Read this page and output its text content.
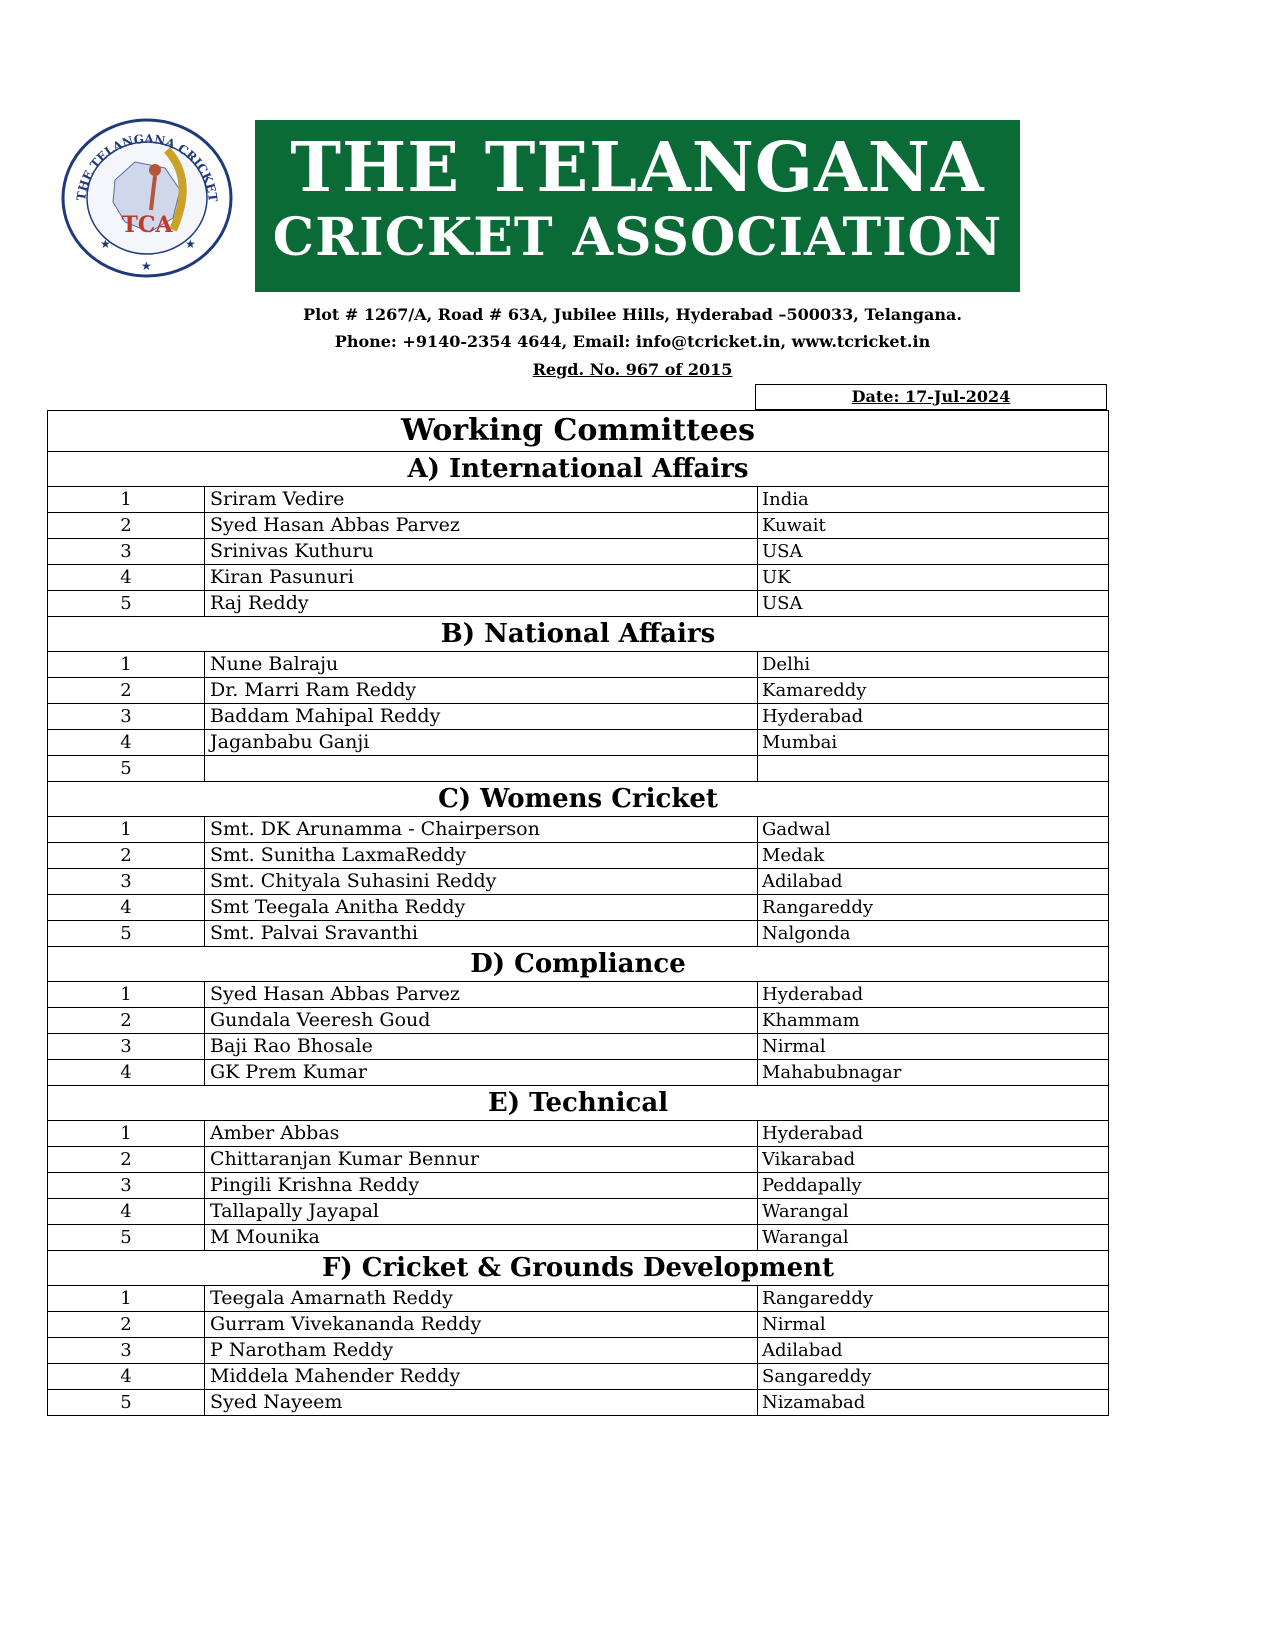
THE TELANGANA CRICKET
TCA
★
★
★
THE TELANGANA
CRICKET ASSOCIATION
Plot # 1267/A, Road # 63A, Jubilee Hills, Hyderabad –5000​33, Telangana.
Phone: +9140-2354 4644, Email: info@tcricket.in, www.tcricket.in
Regd. No. 967 of 2015
Date: 17-Jul-2024
Working Committees		
A) International Affairs		
1	Sriram Vedire	India
2	Syed Hasan Abbas Parvez	Kuwait
3	Srinivas Kuthuru	USA
4	Kiran Pasunuri	UK
5	Raj Reddy	USA
B) National Affairs		
1	Nune Balraju	Delhi
2	Dr. Marri Ram Reddy	Kamareddy
3	Baddam Mahipal Reddy	Hyderabad
4	Jaganbabu Ganji	Mumbai
5		
C) Womens Cricket		
1	Smt. DK Arunamma - Chairperson	Gadwal
2	Smt. Sunitha LaxmaReddy	Medak
3	Smt. Chityala Suhasini Reddy	Adilabad
4	Smt Teegala Anitha Reddy	Rangareddy
5	Smt. Palvai Sravanthi	Nalgonda
D) Compliance		
1	Syed Hasan Abbas Parvez	Hyderabad
2	Gundala Veeresh Goud	Khammam
3	Baji Rao Bhosale	Nirmal
4	GK Prem Kumar	Mahabubnagar
E) Technical		
1	Amber Abbas	Hyderabad
2	Chittaranjan Kumar Bennur	Vikarabad
3	Pingili Krishna Reddy	Peddapally
4	Tallapally Jayapal	Warangal
5	M Mounika	Warangal
F) Cricket & Grounds Development		
1	Teegala Amarnath Reddy	Rangareddy
2	Gurram Vivekananda Reddy	Nirmal
3	P Narotham Reddy	Adilabad
4	Middela Mahender Reddy	Sangareddy
5	Syed Nayeem	Nizamabad
